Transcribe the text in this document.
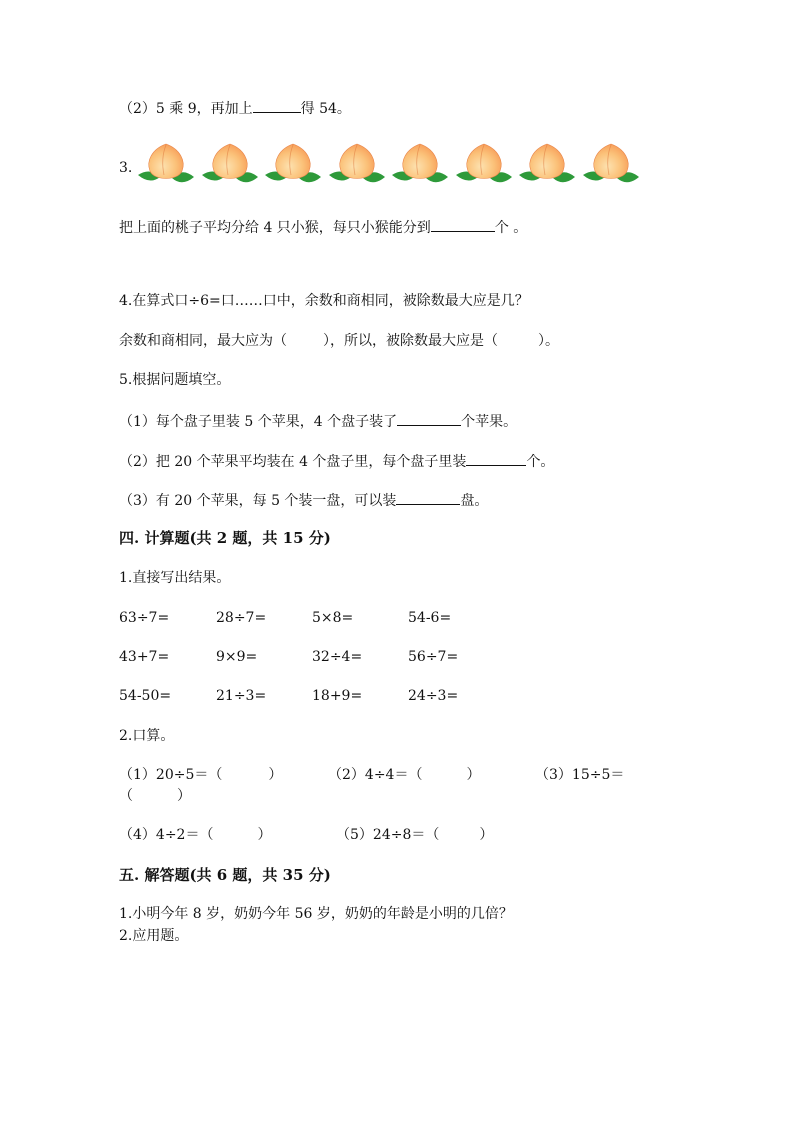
（2）5 乘 9，再加上	得 54。
3.
把上面的桃子平均分给 4 只小猴，每只小猴能分到	个 。
4.在算式口÷6=口……口中，余数和商相同，被除数最大应是几？
余数和商相同，最大应为（	），所以，被除数最大应是（	）。
5.根据问题填空。
（1）每个盘子里装 5 个苹果，4 个盘子装了	个苹果。
（2）把 20 个苹果平均装在 4 个盘子里，每个盘子里装	个。
（3）有 20 个苹果，每 5 个装一盘，可以装	盘。
四. 计算题(共 2 题，共 15 分)
1.直接写出结果。
63÷7=	28÷7=	5×8=	54-6=
43+7=	9×9=	32÷4=	56÷7=
54-50=	21÷3=	18+9=	24÷3=
2.口算。
（1）20÷5＝（	）	（2）4÷4＝（	）	（3）15÷5＝
（	）
（4）4÷2＝（	）	（5）24÷8＝（	）
五. 解答题(共 6 题，共 35 分)
1.小明今年 8 岁，奶奶今年 56 岁，奶奶的年龄是小明的几倍？
2.应用题。
